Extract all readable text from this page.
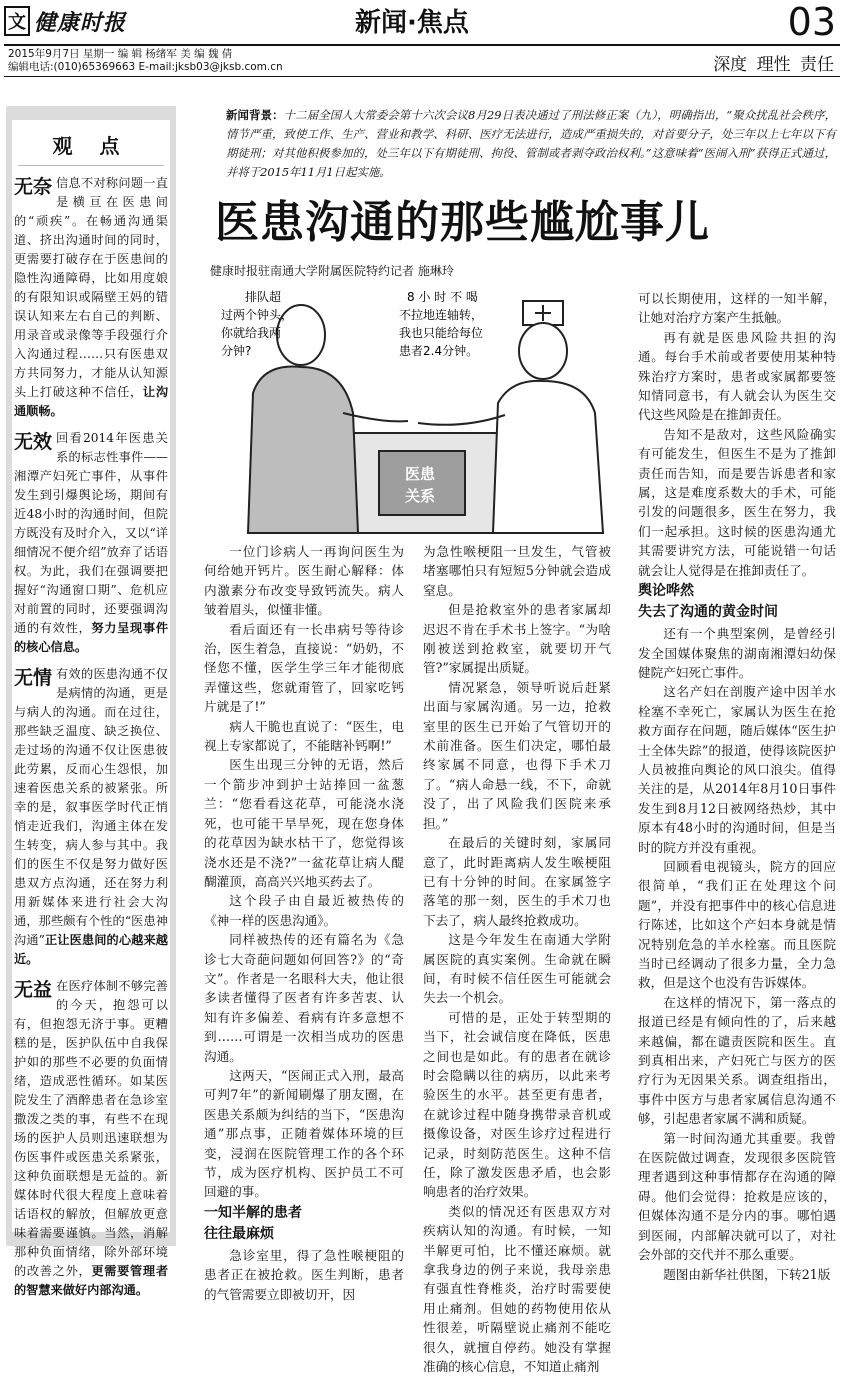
文 健康时报	新闻·焦点	03
2015年9月7日 星期一 编 辑 杨绪军 美 编 魏 倩
编辑电话:(010)65369663 E-mail:jksb03@jksb.com.cn	深度 理性 责任
观 点
无奈 信息不对称问题一直是横亘在医患间的“顽疾”。在畅通沟通渠道、挤出沟通时间的同时，更需要打破存在于医患间的隐性沟通障碍，比如用度娘的有限知识或隔壁王妈的错误认知来左右自己的判断、用录音或录像等手段强行介入沟通过程……只有医患双方共同努力，才能从认知源头上打破这种不信任，让沟通顺畅。
无效 回看2014年医患关系的标志性事件——湘潭产妇死亡事件，从事件发生到引爆舆论场，期间有近48小时的沟通时间，但院方既没有及时介入，又以“详细情况不便介绍”放弃了话语权。为此，我们在强调要把握好“沟通窗口期”、危机应对前置的同时，还要强调沟通的有效性，努力呈现事件的核心信息。
无情 有效的医患沟通不仅是病情的沟通，更是与病人的沟通。而在过往，那些缺乏温度、缺乏换位、走过场的沟通不仅让医患彼此劳累，反而心生怨恨，加速着医患关系的被紧张。所幸的是，叙事医学时代正悄悄走近我们，沟通主体在发生转变，病人参与其中。我们的医生不仅是努力做好医患双方点沟通，还在努力利用新媒体来进行社会大沟通，那些颇有个性的“医患神沟通”正让医患间的心越来越近。
无益 在医疗体制不够完善的今天，抱怨可以有，但抱怨无济于事。更糟糕的是，医护队伍中自我保护如的那些不必要的负面情绪，造成恶性循环。如某医院发生了酒醉患者在急诊室撒泼之类的事，有些不在现场的医护人员则迅速联想为伤医事件或医患关系紧张，这种负面联想是无益的。新媒体时代很大程度上意味着话语权的解放，但解放更意味着需要谨慎。当然，消解那种负面情绪，除外部环境的改善之外，更需要管理者的智慧来做好内部沟通。
新闻背景：十二届全国人大常委会第十六次会议8月29日表决通过了刑法修正案（九），明确指出，“聚众扰乱社会秩序，情节严重，致使工作、生产、营业和教学、科研、医疗无法进行，造成严重损失的，对首要分子，处三年以上七年以下有期徒刑；对其他积极参加的，处三年以下有期徒刑、拘役、管制或者剥夺政治权利。”这意味着“医闹入刑”获得正式通过，并将于2015年11月1日起实施。
医患沟通的那些尴尬事儿
健康时报驻南通大学附属医院特约记者 施琳玲
排队超
过两个钟头，
你就给我两
分钟?
8 小 时 不 喝
不拉地连轴转，
我也只能给每位
患者2.4分钟。
医患
关系

一位门诊病人一再询问医生为何给她开钙片。医生耐心解释：体内激素分布改变导致钙流失。病人皱着眉头，似懂非懂。

看后面还有一长串病号等待诊治，医生着急，直接说：“奶奶，不怪您不懂，医学生学三年才能彻底弄懂这些，您就甭管了，回家吃钙片就是了!”

病人干脆也直说了：“医生，电视上专家都说了，不能瞎补钙啊!”

医生出现三分钟的无语，然后一个箭步冲到护士站捧回一盆葱兰：“您看看这花草，可能浇水浇死，也可能干旱旱死，现在您身体的花草因为缺水枯干了，您觉得该浇水还是不浇?”一盆花草让病人醍醐灌顶，高高兴兴地买药去了。

这个段子由自最近被热传的《神一样的医患沟通》。

同样被热传的还有篇名为《急诊七大奇葩问题如何回答?》的“奇文”。作者是一名眼科大夫，他让很多读者懂得了医者有许多苦衷、认知有许多偏差、看病有许多意想不到……可谓是一次相当成功的医患沟通。

这两天，“医闹正式入刑，最高可判7年”的新闻刷爆了朋友圈，在医患关系颇为纠结的当下，“医患沟通”那点事，正随着媒体环境的巨变，浸润在医院管理工作的各个环节，成为医疗机构、医护员工不可回避的事。

一知半解的患者
往往最麻烦

急诊室里，得了急性喉梗阻的患者正在被抢救。医生判断，患者的气管需要立即被切开，因

为急性喉梗阻一旦发生，气管被堵塞哪怕只有短短5分钟就会造成窒息。

但是抢救室外的患者家属却迟迟不肯在手术书上签字。“为啥刚被送到抢救室，就要切开气管?”家属提出质疑。

情况紧急，领导听说后赶紧出面与家属沟通。另一边，抢救室里的医生已开始了气管切开的术前准备。医生们决定，哪怕最终家属不同意，也得下手术刀了。“病人命悬一线，不下，命就没了，出了风险我们医院来承担。”

在最后的关键时刻，家属同意了，此时距离病人发生喉梗阻已有十分钟的时间。在家属签字落笔的那一刻，医生的手术刀也下去了，病人最终抢救成功。

这是今年发生在南通大学附属医院的真实案例。生命就在瞬间，有时候不信任医生可能就会失去一个机会。

可惜的是，正处于转型期的当下，社会诚信度在降低，医患之间也是如此。有的患者在就诊时会隐瞒以往的病历，以此来考验医生的水平。甚至更有患者，在就诊过程中随身携带录音机或摄像设备，对医生诊疗过程进行记录，时刻防范医生。这种不信任，除了激发医患矛盾，也会影响患者的治疗效果。

类似的情况还有医患双方对疾病认知的沟通。有时候，一知半解更可怕，比不懂还麻烦。就拿我身边的例子来说，我母亲患有强直性脊椎炎，治疗时需要使用止痛剂。但她的药物使用依从性很差，听隔壁说止痛剂不能吃很久，就擅自停药。她没有掌握准确的核心信息，不知道止痛剂

可以长期使用，这样的一知半解，让她对治疗方案产生抵触。

再有就是医患风险共担的沟通。每台手术前或者要使用某种特殊治疗方案时，患者或家属都要签知情同意书，有人就会认为医生交代这些风险是在推卸责任。

告知不是敌对，这些风险确实有可能发生，但医生不是为了推卸责任而告知，而是要告诉患者和家属，这是难度系数大的手术，可能引发的问题很多，医生在努力，我们一起承担。这时候的医患沟通尤其需要讲究方法，可能说错一句话就会让人觉得是在推卸责任了。

舆论哗然
失去了沟通的黄金时间

还有一个典型案例，是曾经引发全国媒体聚焦的湖南湘潭妇幼保健院产妇死亡事件。

这名产妇在剖腹产途中因羊水栓塞不幸死亡，家属认为医生在抢救方面存在问题，随后媒体“医生护士全体失踪”的报道，使得该院医护人员被推向舆论的风口浪尖。值得关注的是，从2014年8月10日事件发生到8月12日被网络热炒，其中原本有48小时的沟通时间，但是当时的院方并没有重视。

回顾看电视镜头，院方的回应很简单，“我们正在处理这个问题”，并没有把事件中的核心信息进行陈述，比如这个产妇本身就是情况特别危急的羊水栓塞。而且医院当时已经调动了很多力量，全力急救，但是这个也没有告诉媒体。

在这样的情况下，第一落点的报道已经是有倾向性的了，后来越来越偏，都在谴责医院和医生。直到真相出来，产妇死亡与医方的医疗行为无因果关系。调查组指出，事件中医方与患者家属信息沟通不够，引起患者家属不满和质疑。

第一时间沟通尤其重要。我曾在医院做过调查，发现很多医院管理者遇到这种事情都存在沟通的障碍。他们会觉得：抢救是应该的，但媒体沟通不是分内的事。哪怕遇到医闹，内部解决就可以了，对社会外部的交代并不那么重要。

题图由新华社供图，下转21版
